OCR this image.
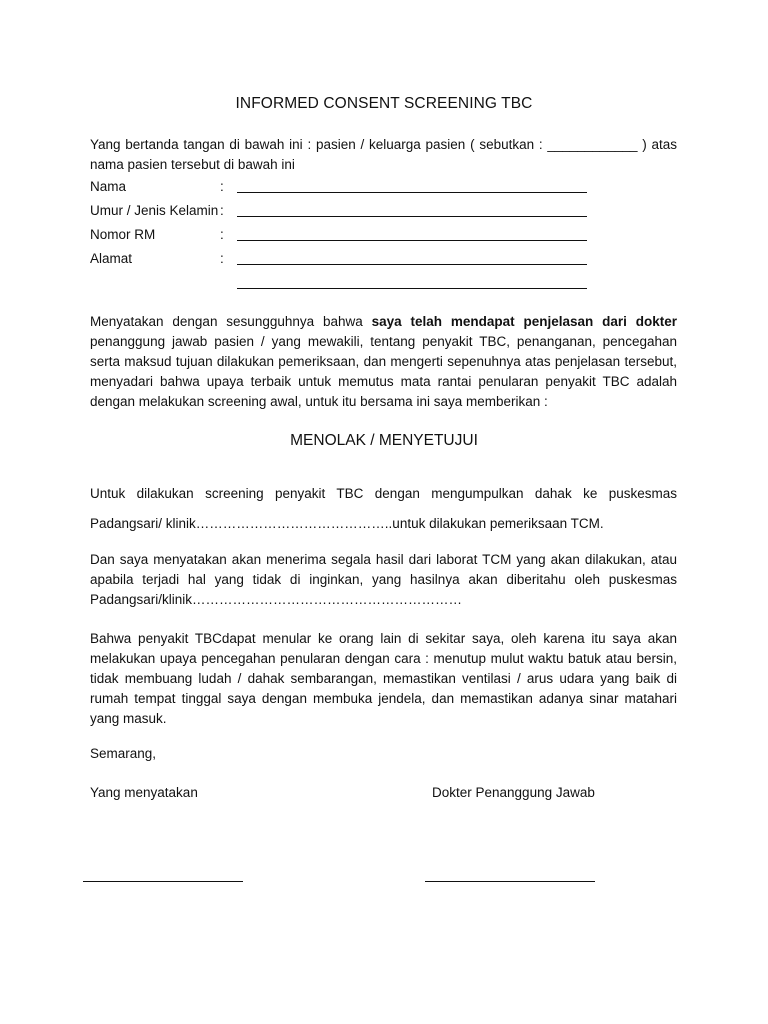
INFORMED CONSENT SCREENING TBC
Yang bertanda tangan di bawah ini : pasien / keluarga pasien ( sebutkan : ____________ ) atas nama pasien tersebut di bawah ini
Nama	:
Umur / Jenis Kelamin :
Nomor RM	:
Alamat	:
Menyatakan dengan sesungguhnya bahwa saya telah mendapat penjelasan dari dokter penanggung jawab pasien / yang mewakili, tentang penyakit TBC, penanganan, pencegahan serta maksud tujuan dilakukan pemeriksaan, dan mengerti sepenuhnya atas penjelasan tersebut, menyadari bahwa upaya terbaik untuk memutus mata rantai penularan penyakit TBC adalah dengan melakukan screening awal, untuk itu bersama ini saya memberikan :
MENOLAK / MENYETUJUI
Untuk dilakukan screening penyakit TBC dengan mengumpulkan dahak ke puskesmas Padangsari/ klinik……………………………………..untuk dilakukan pemeriksaan TCM.
Dan saya menyatakan akan menerima segala hasil dari laborat TCM yang akan dilakukan, atau apabila terjadi hal yang tidak di inginkan, yang hasilnya akan diberitahu oleh puskesmas Padangsari/klinik……………………………………………………
Bahwa penyakit TBCdapat menular ke orang lain di sekitar saya, oleh karena itu saya akan melakukan upaya pencegahan penularan dengan cara : menutup mulut waktu batuk atau bersin, tidak membuang ludah / dahak sembarangan, memastikan ventilasi / arus udara yang baik di rumah tempat tinggal saya dengan membuka jendela, dan memastikan adanya sinar matahari yang masuk.
Semarang,
Yang menyatakan	Dokter Penanggung Jawab
